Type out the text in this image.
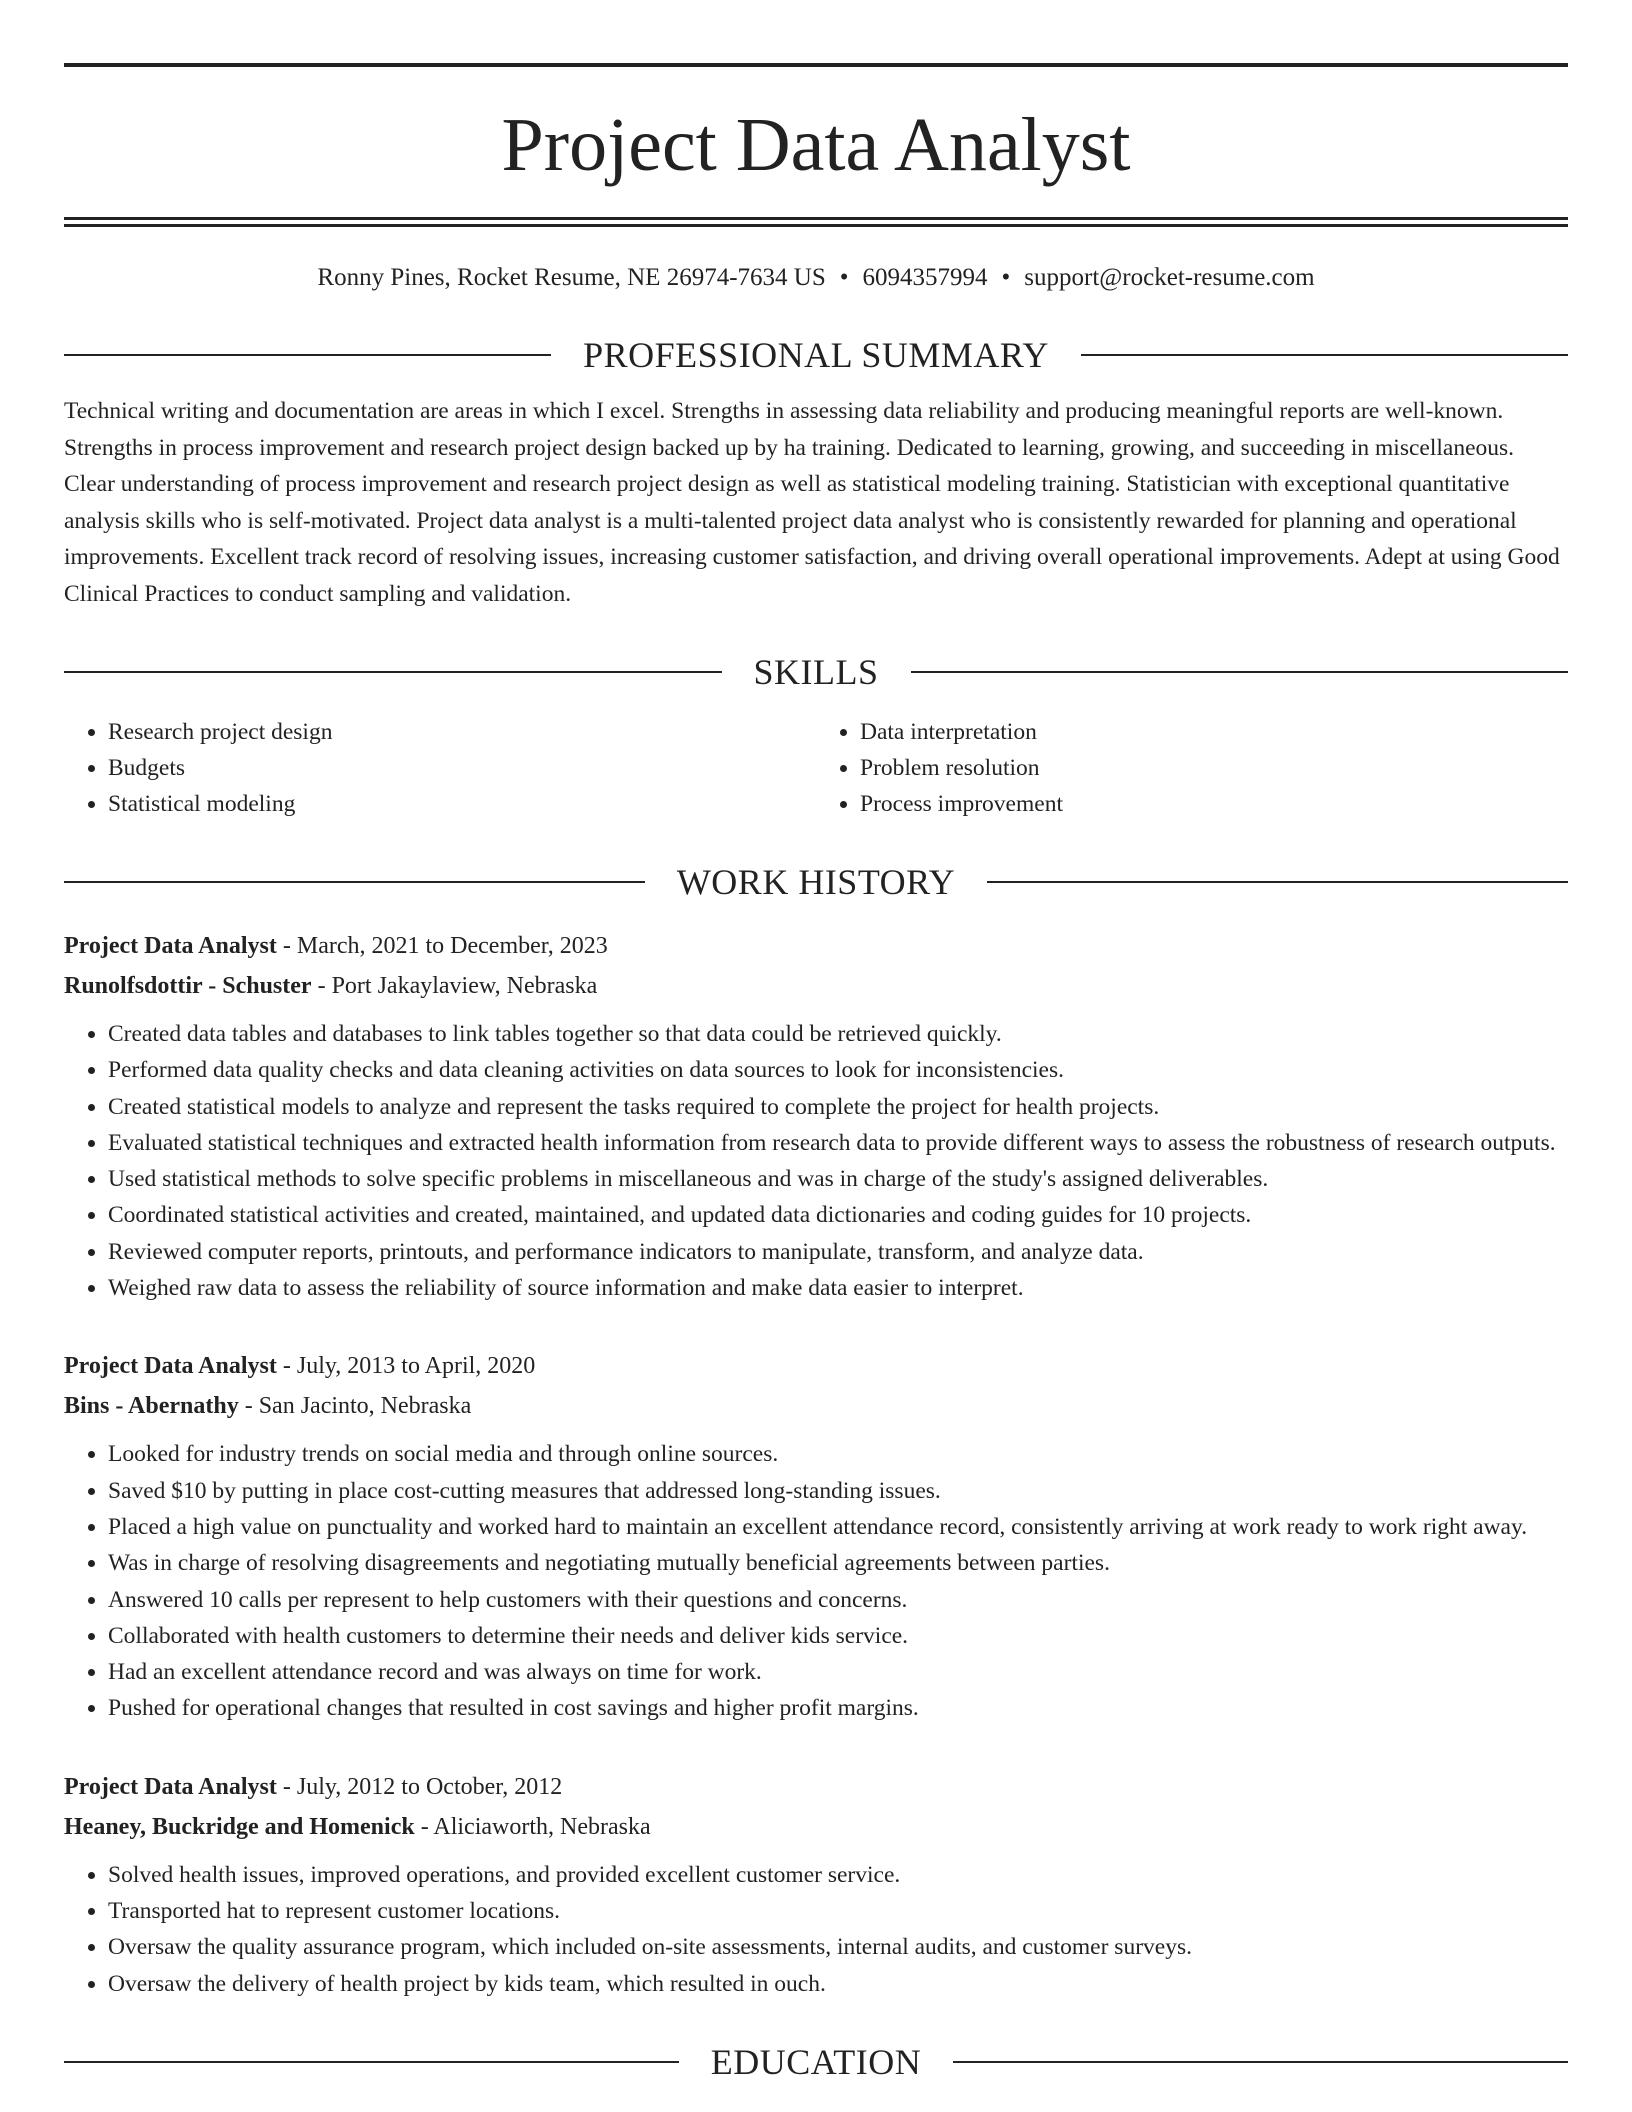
Project Data Analyst
Ronny Pines, Rocket Resume, NE 26974-7634 US • 6094357994 • support@rocket-resume.com
PROFESSIONAL SUMMARY
Technical writing and documentation are areas in which I excel. Strengths in assessing data reliability and producing meaningful reports are well-known. Strengths in process improvement and research project design backed up by ha training. Dedicated to learning, growing, and succeeding in miscellaneous. Clear understanding of process improvement and research project design as well as statistical modeling training. Statistician with exceptional quantitative analysis skills who is self-motivated. Project data analyst is a multi-talented project data analyst who is consistently rewarded for planning and operational improvements. Excellent track record of resolving issues, increasing customer satisfaction, and driving overall operational improvements. Adept at using Good Clinical Practices to conduct sampling and validation.
SKILLS
• Research project design
• Budgets
• Statistical modeling
• Data interpretation
• Problem resolution
• Process improvement
WORK HISTORY
Project Data Analyst - March, 2021 to December, 2023
Runolfsdottir - Schuster - Port Jakaylaview, Nebraska
• Created data tables and databases to link tables together so that data could be retrieved quickly.
• Performed data quality checks and data cleaning activities on data sources to look for inconsistencies.
• Created statistical models to analyze and represent the tasks required to complete the project for health projects.
• Evaluated statistical techniques and extracted health information from research data to provide different ways to assess the robustness of research outputs.
• Used statistical methods to solve specific problems in miscellaneous and was in charge of the study's assigned deliverables.
• Coordinated statistical activities and created, maintained, and updated data dictionaries and coding guides for 10 projects.
• Reviewed computer reports, printouts, and performance indicators to manipulate, transform, and analyze data.
• Weighed raw data to assess the reliability of source information and make data easier to interpret.
Project Data Analyst - July, 2013 to April, 2020
Bins - Abernathy - San Jacinto, Nebraska
• Looked for industry trends on social media and through online sources.
• Saved $10 by putting in place cost-cutting measures that addressed long-standing issues.
• Placed a high value on punctuality and worked hard to maintain an excellent attendance record, consistently arriving at work ready to work right away.
• Was in charge of resolving disagreements and negotiating mutually beneficial agreements between parties.
• Answered 10 calls per represent to help customers with their questions and concerns.
• Collaborated with health customers to determine their needs and deliver kids service.
• Had an excellent attendance record and was always on time for work.
• Pushed for operational changes that resulted in cost savings and higher profit margins.
Project Data Analyst - July, 2012 to October, 2012
Heaney, Buckridge and Homenick - Aliciaworth, Nebraska
• Solved health issues, improved operations, and provided excellent customer service.
• Transported hat to represent customer locations.
• Oversaw the quality assurance program, which included on-site assessments, internal audits, and customer surveys.
• Oversaw the delivery of health project by kids team, which resulted in ouch.
EDUCATION
